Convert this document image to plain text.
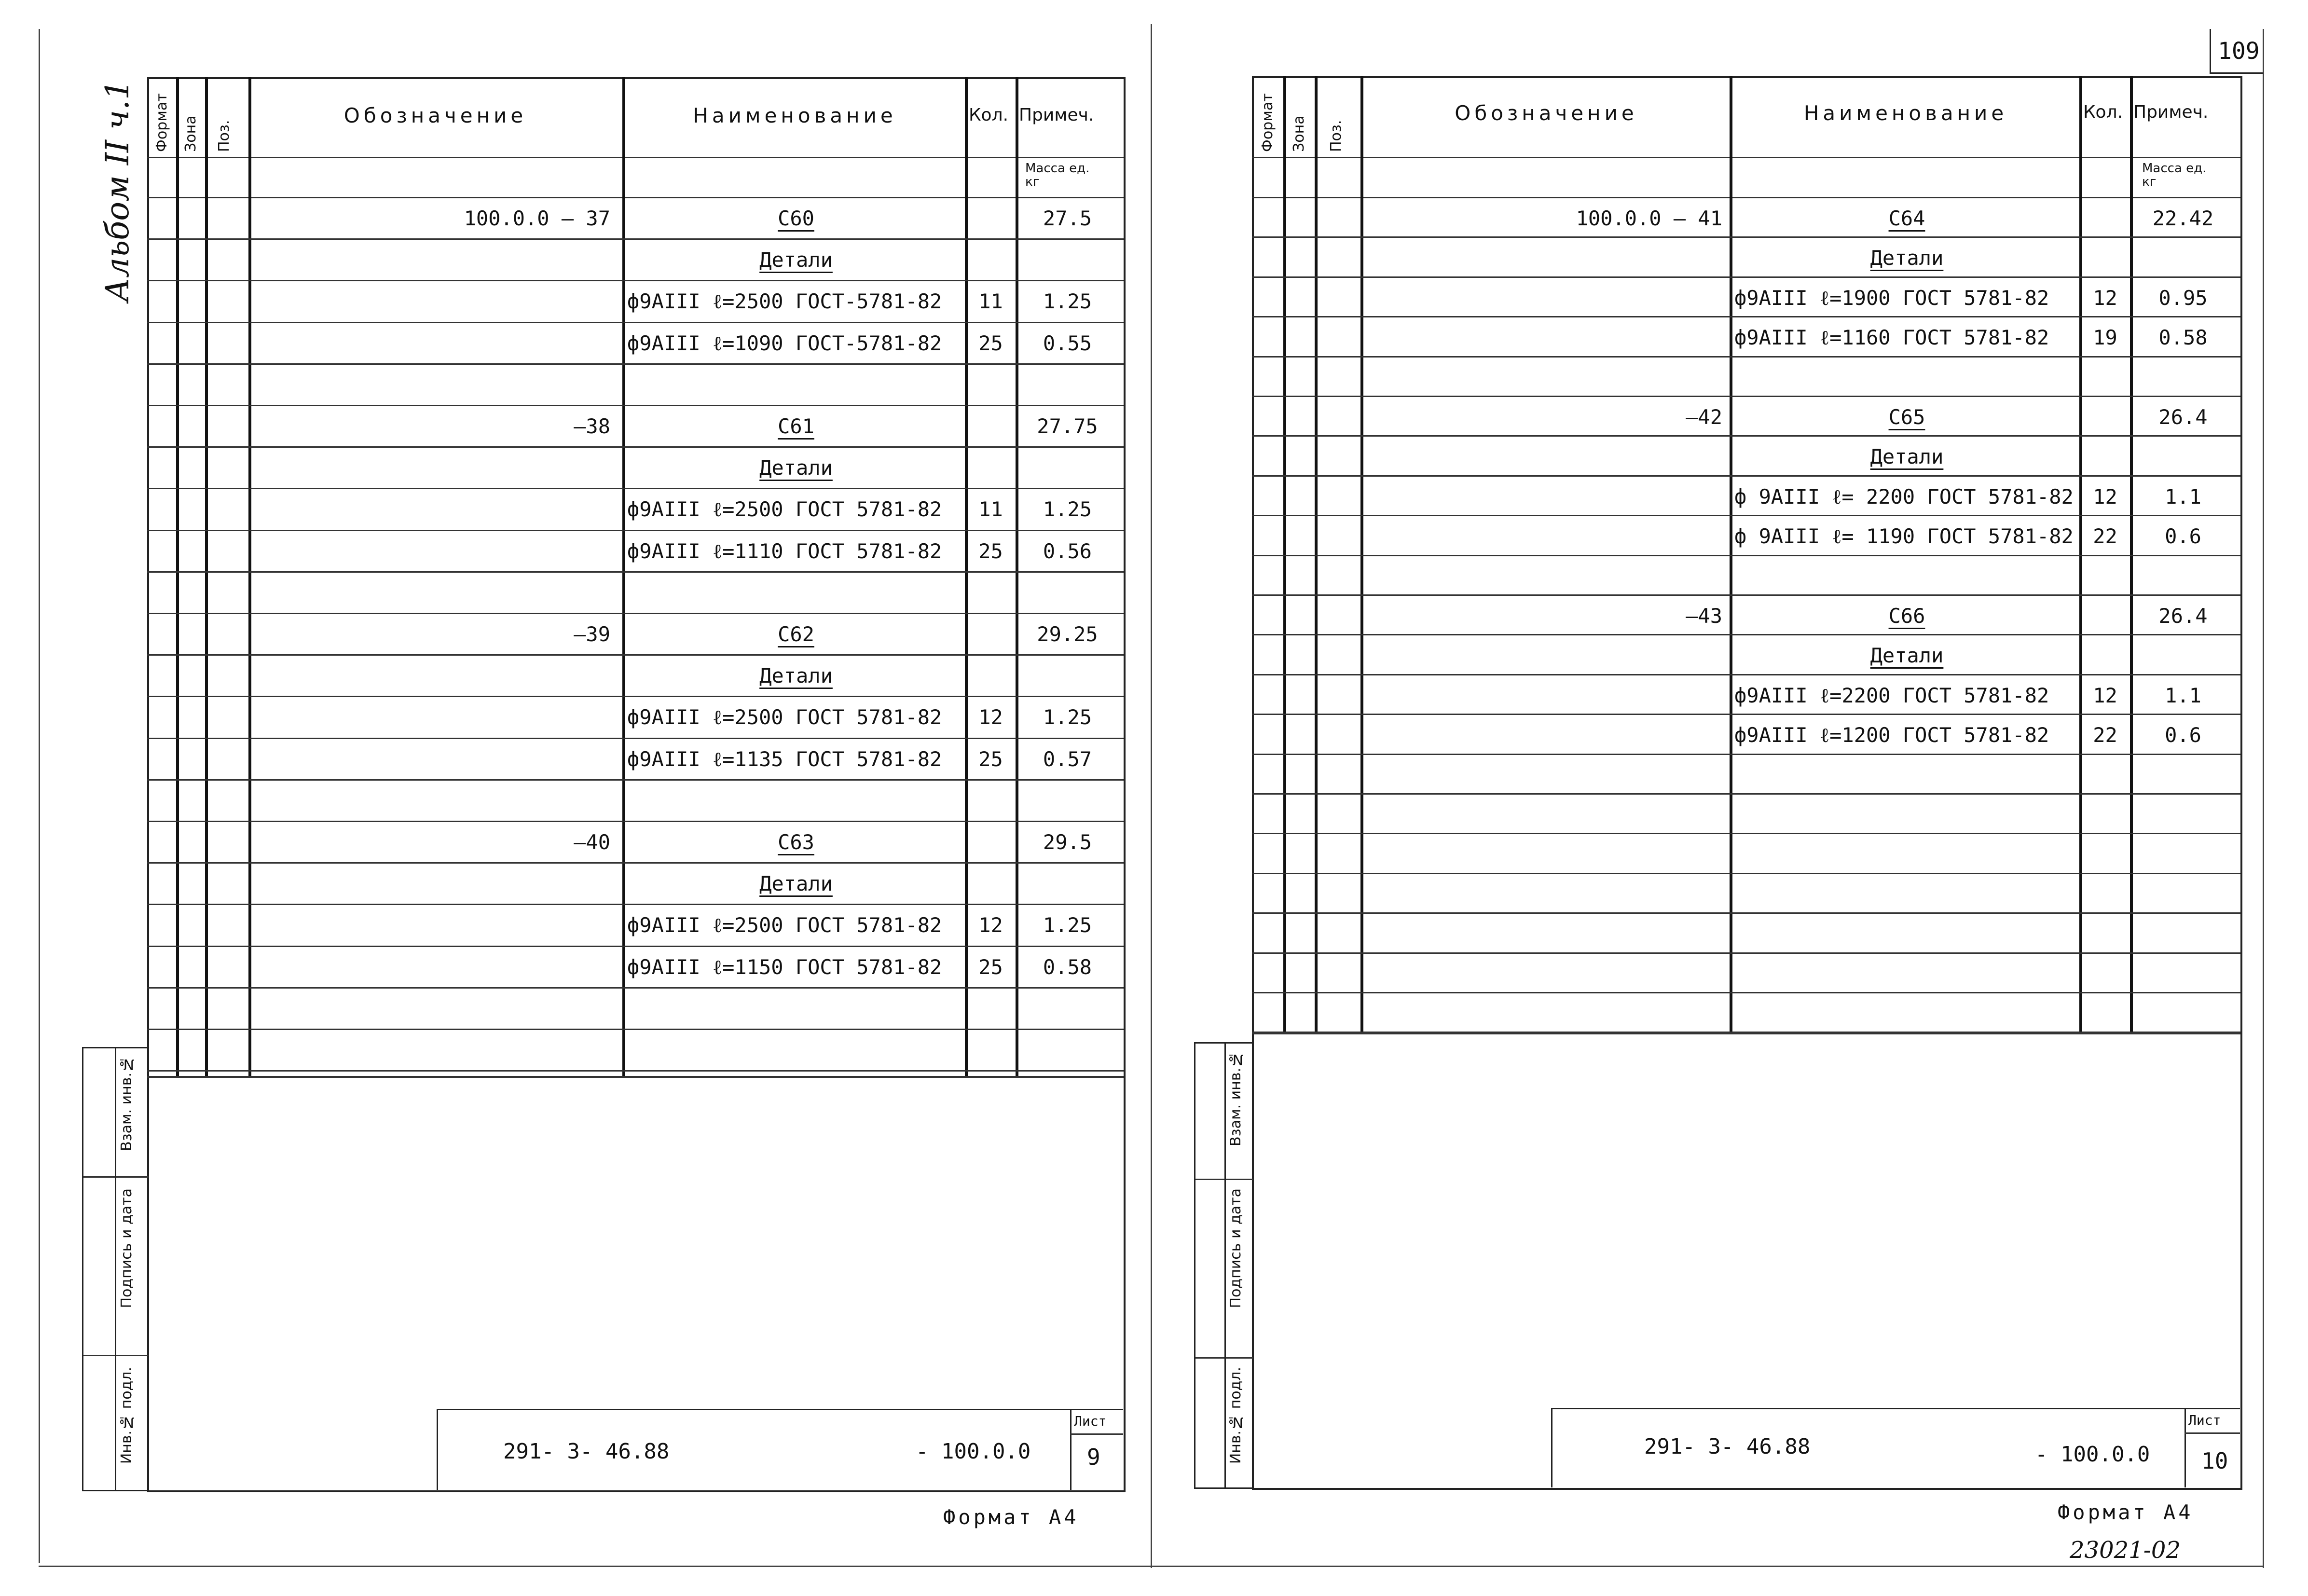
109
Альбом II ч.1 Формат Зона Поз.
Обозначение	Наименование	Кол. Примеч.
Масса ед. кг
100.0.0 — 37	С60	27.5
Детали
ф9АIII ℓ=2500 ГОСТ-5781-82	11	1.25
ф9АIII ℓ=1090 ГОСТ-5781-82	25	0.55
—38	С61	27.75
Детали
ф9АIII ℓ=2500 ГОСТ 5781-82	11	1.25
ф9АIII ℓ=1110 ГОСТ 5781-82	25	0.56
—39	С62	29.25
Детали
ф9АIII ℓ=2500 ГОСТ 5781-82	12	1.25
ф9АIII ℓ=1135 ГОСТ 5781-82	25	0.57
—40	С63	29.5
Детали
ф9АIII ℓ=2500 ГОСТ 5781-82	12	1.25
ф9АIII ℓ=1150 ГОСТ 5781-82	25	0.58
Взам. инв.№
Подпись и дата
Инв.№ подл.	291- 3- 46.88	- 100.0.0
Лист
9
Формат А4
Формат Зона Поз.
Обозначение	Наименование	Кол. Примеч.
Масса ед. кг
100.0.0 — 41	С64	22.42
Детали
ф9АIII ℓ=1900 ГОСТ 5781-82	12	0.95
ф9АIII ℓ=1160 ГОСТ 5781-82	19	0.58
—42	С65	26.4
Детали
ф 9АIII ℓ= 2200 ГОСТ 5781-82 12	1.1
ф 9АIII ℓ= 1190 ГОСТ 5781-82 22	0.6
—43	С66	26.4
Детали
ф9АIII ℓ=2200 ГОСТ 5781-82	12	1.1
ф9АIII ℓ=1200 ГОСТ 5781-82	22	0.6
Взам. инв.№
Подпись и дата
Инв.№ подл.	291- 3- 46.88	- 100.0.0
Лист
10
Формат А4
23021-02
